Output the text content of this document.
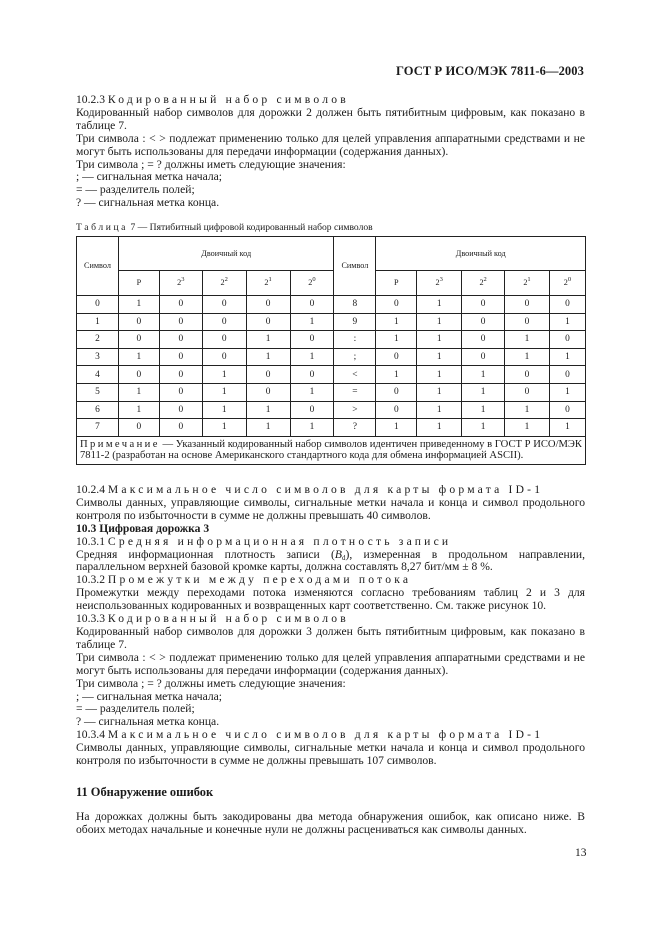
ГОСТ Р ИСО/МЭК 7811-6—2003

10.2.3 Кодированный набор символов

Кодированный набор символов для дорожки 2 должен быть пятибитным цифровым, как показано в таблице 7.

Три символа : < > подлежат применению только для целей управления аппаратными средствами и не могут быть использованы для передачи информации (содержания данных).

Три символа ; = ? должны иметь следующие значения:

; — сигнальная метка начала;

= — разделитель полей;

? — сигнальная метка конца.

Таблица 7 — Пятибитный цифровой кодированный набор символов
Символ	Двоичный код					Символ	Двоичный код				
	P	$2^3$	$2^2$	$2^1$	$2^0$		P	$2^3$	$2^2$	$2^1$	$2^0$
0	1	0	0	0	0	8	0	1	0	0	0
1	0	0	0	0	1	9	1	1	0	0	1
2	0	0	0	1	0	:	1	1	0	1	0
3	1	0	0	1	1	;	0	1	0	1	1
4	0	0	1	0	0	<	1	1	1	0	0
5	1	0	1	0	1	=	0	1	1	0	1
6	1	0	1	1	0	>	0	1	1	1	0
7	0	0	1	1	1	?	1	1	1	1	1
Примечание — Указанный кодированный набор символов идентичен приведенному в ГОСТ Р ИСО/МЭК 7811-2 (разработан на основе Американского стандартного кода для обмена информацией ASCII).											

10.2.4 Максимальное число символов для карты формата ID-1

Символы данных, управляющие символы, сигнальные метки начала и конца и символ продольного контроля по избыточности в сумме не должны превышать 40 символов.

10.3 Цифровая дорожка 3

10.3.1 Средняя информационная плотность записи

Средняя информационная плотность записи $(B_d)$, измеренная в продольном направлении, параллельном верхней базовой кромке карты, должна составлять 8,27 бит/мм ± 8 %.

10.3.2 Промежутки между переходами потока

Промежутки между переходами потока изменяются согласно требованиям таблиц 2 и 3 для неиспользованных кодированных и возвращенных карт соответственно. См. также рисунок 10.

10.3.3 Кодированный набор символов

Кодированный набор символов для дорожки 3 должен быть пятибитным цифровым, как показано в таблице 7.

Три символа : < > подлежат применению только для целей управления аппаратными средствами и не могут быть использованы для передачи информации (содержания данных).

Три символа ; = ? должны иметь следующие значения:

; — сигнальная метка начала;

= — разделитель полей;

? — сигнальная метка конца.

10.3.4 Максимальное число символов для карты формата ID-1

Символы данных, управляющие символы, сигнальные метки начала и конца и символ продольного контроля по избыточности в сумме не должны превышать 107 символов.

11 Обнаружение ошибок

На дорожках должны быть закодированы два метода обнаружения ошибок, как описано ниже. В обоих методах начальные и конечные нули не должны расцениваться как символы данных.

13
